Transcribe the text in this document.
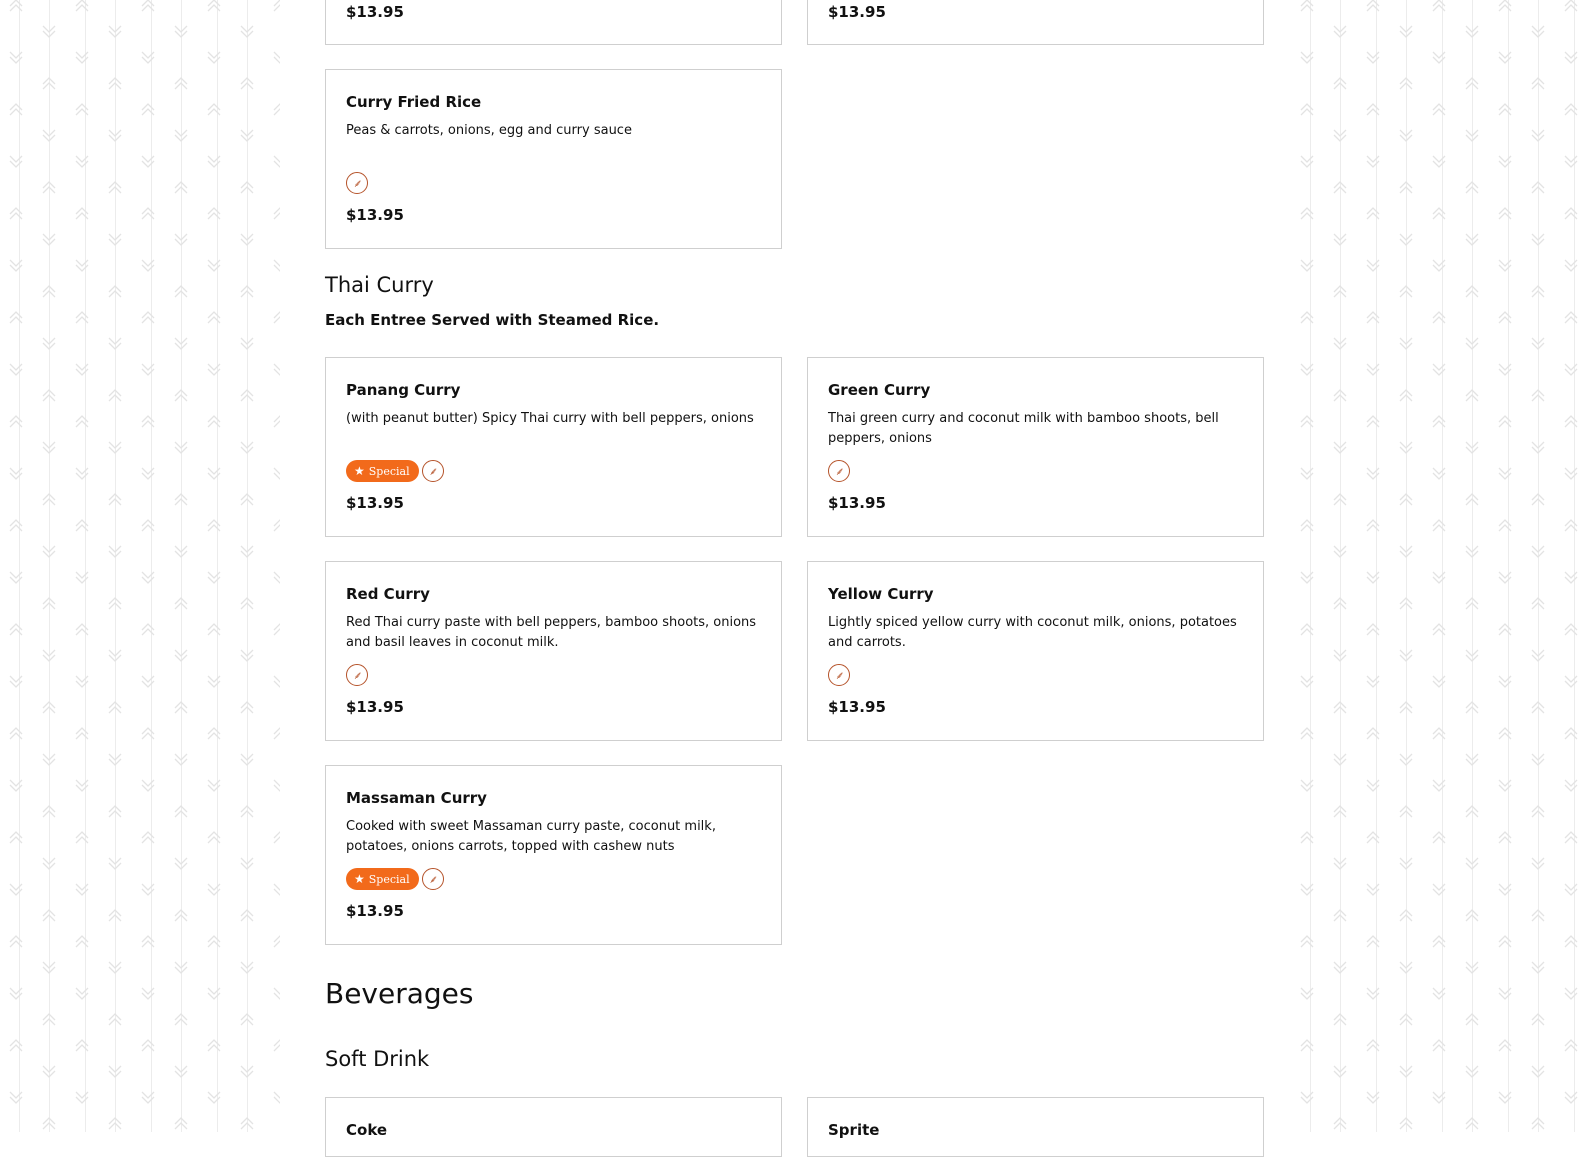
$13.95	$13.95
Curry Fried Rice
Peas & carrots, onions, egg and curry sauce
⸙
$13.95
Thai Curry
Each Entree Served with Steamed Rice.
Panang Curry
(with peanut butter) Spicy Thai curry with bell peppers, onions
★ Special	⸙
$13.95
Green Curry
Thai green curry and coconut milk with bamboo shoots, bell peppers, onions
⸙
$13.95
Red Curry
Red Thai curry paste with bell peppers, bamboo shoots, onions and basil leaves in coconut milk.
⸙
$13.95
Yellow Curry
Lightly spiced yellow curry with coconut milk, onions, potatoes and carrots.
⸙
$13.95
Massaman Curry
Cooked with sweet Massaman curry paste, coconut milk, potatoes, onions carrots, topped with cashew nuts
★ Special	⸙
$13.95
Beverages
Soft Drink
Coke	Sprite
